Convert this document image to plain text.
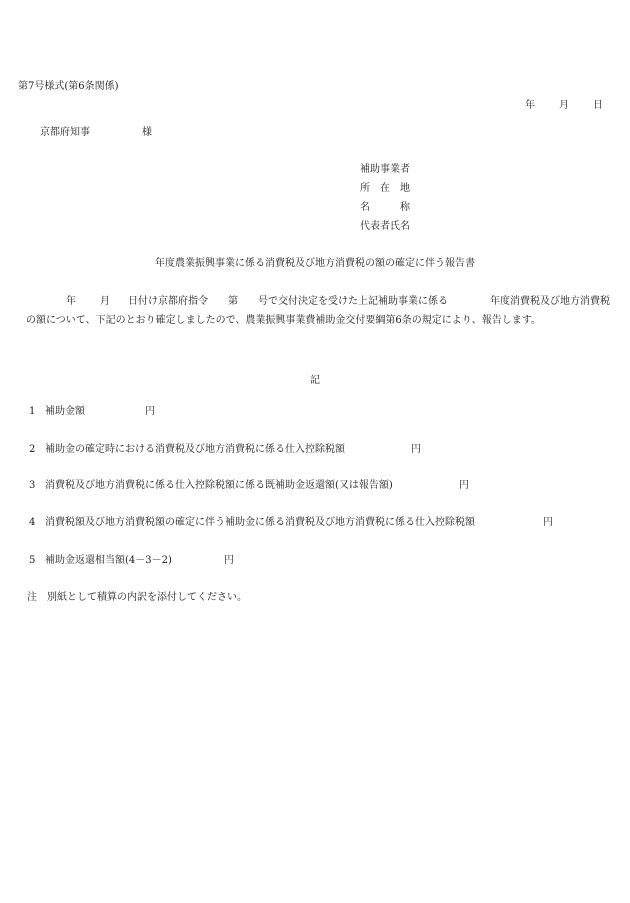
第7号様式(第6条関係)
年 月 日
京都府知事	様
補助事業者
所　在　地
名　　　称
代表者氏名
年度農業振興事業に係る消費税及び地方消費税の額の確定に伴う報告書
年 月 日付け京都府指令 第 号で交付決定を受けた上記補助事業に係る	年度消費税及び地方消費税の額について、下記のとおり確定しましたので、農業振興事業費補助金交付要綱第6条の規定により、報告します。
記
1 補助金額	円
2 補助金の確定時における消費税及び地方消費税に係る仕入控除税額	円
3 消費税及び地方消費税に係る仕入控除税額に係る既補助金返還額(又は報告額)	円
4 消費税額及び地方消費税額の確定に伴う補助金に係る消費税及び地方消費税に係る仕入控除税額	円
5 補助金返還相当額(4－3－2)	円
注 別紙として積算の内訳を添付してください。
